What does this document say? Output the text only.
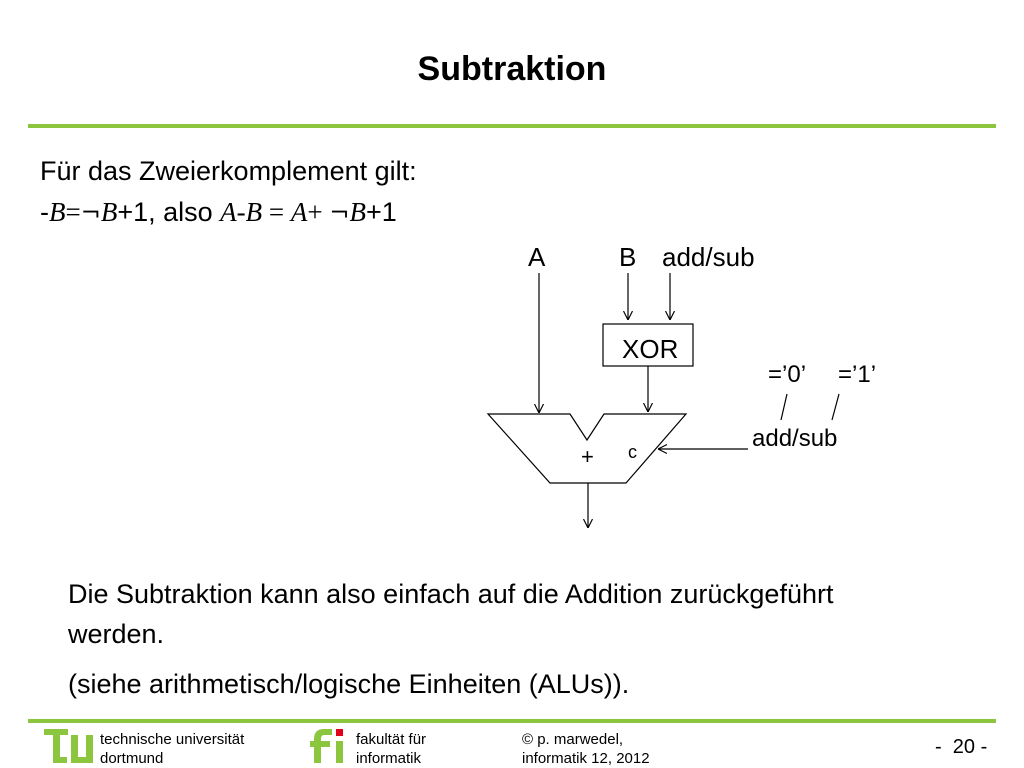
Subtraktion
Für das Zweierkomplement gilt:
-B=¬B+1, also A-B = A+ ¬B+1
A	B add/sub
XOR
+ c
=’0’ =’1’
add/sub
Die Subtraktion kann also einfach auf die Addition zurückgeführt werden.
(siehe arithmetisch/logische Einheiten (ALUs)).
technische universität
dortmund
fakultät für
informatik
© p. marwedel,
informatik 12, 2012
-  20 -
